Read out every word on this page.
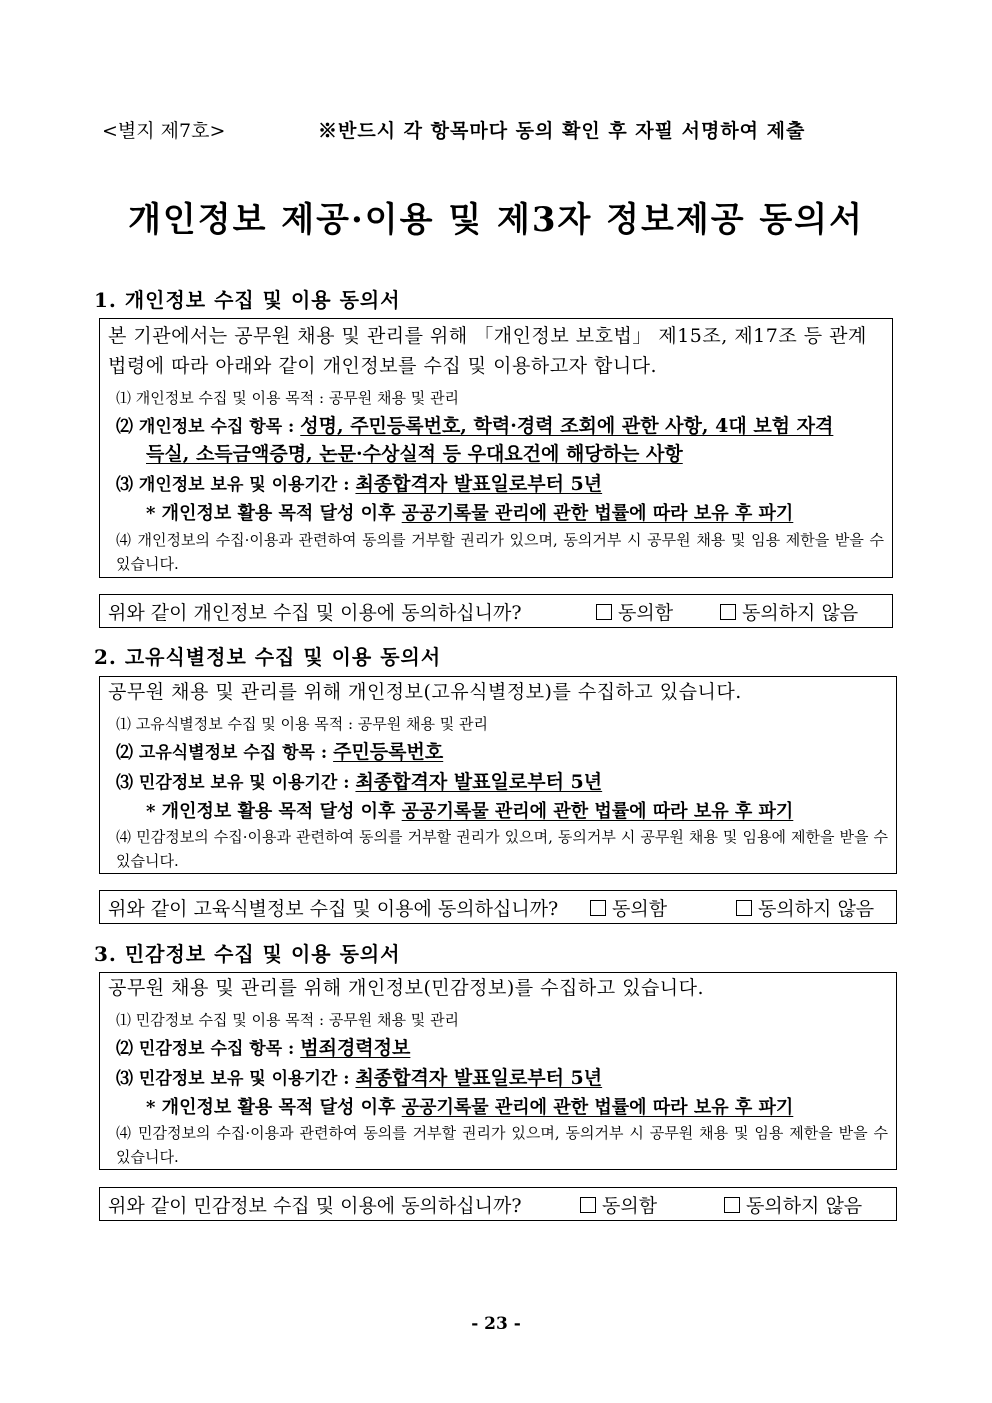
<별지 제7호>	※반드시 각 항목마다 동의 확인 후 자필 서명하여 제출
개인정보 제공·이용 및 제3자 정보제공 동의서
1. 개인정보 수집 및 이용 동의서
본 기관에서는 공무원 채용 및 관리를 위해 「개인정보 보호법」 제15조, 제17조 등 관계 법령에 따라 아래와 같이 개인정보를 수집 및 이용하고자 합니다.
⑴ 개인정보 수집 및 이용 목적 : 공무원 채용 및 관리
⑵ 개인정보 수집 항목 : 성명, 주민등록번호, 학력·경력 조회에 관한 사항, 4대 보험 자격
득실, 소득금액증명, 논문·수상실적 등 우대요건에 해당하는 사항
⑶ 개인정보 보유 및 이용기간 : 최종합격자 발표일로부터 5년
* 개인정보 활용 목적 달성 이후 공공기록물 관리에 관한 법률에 따라 보유 후 파기
⑷ 개인정보의 수집·이용과 관련하여 동의를 거부할 권리가 있으며, 동의거부 시 공무원 채용 및 임용 제한을 받을 수 있습니다.
위와 같이 개인정보 수집 및 이용에 동의하십니까?	동의함	동의하지 않음
2. 고유식별정보 수집 및 이용 동의서
공무원 채용 및 관리를 위해 개인정보(고유식별정보)를 수집하고 있습니다.
⑴ 고유식별정보 수집 및 이용 목적 : 공무원 채용 및 관리
⑵ 고유식별정보 수집 항목 : 주민등록번호
⑶ 민감정보 보유 및 이용기간 : 최종합격자 발표일로부터 5년
* 개인정보 활용 목적 달성 이후 공공기록물 관리에 관한 법률에 따라 보유 후 파기
⑷ 민감정보의 수집·이용과 관련하여 동의를 거부할 권리가 있으며, 동의거부 시 공무원 채용 및 임용에 제한을 받을 수 있습니다.
위와 같이 고육식별정보 수집 및 이용에 동의하십니까?	동의함	동의하지 않음
3. 민감정보 수집 및 이용 동의서
공무원 채용 및 관리를 위해 개인정보(민감정보)를 수집하고 있습니다.
⑴ 민감정보 수집 및 이용 목적 : 공무원 채용 및 관리
⑵ 민감정보 수집 항목 : 범죄경력정보
⑶ 민감정보 보유 및 이용기간 : 최종합격자 발표일로부터 5년
* 개인정보 활용 목적 달성 이후 공공기록물 관리에 관한 법률에 따라 보유 후 파기
⑷ 민감정보의 수집·이용과 관련하여 동의를 거부할 권리가 있으며, 동의거부 시 공무원 채용 및 임용 제한을 받을 수 있습니다.
위와 같이 민감정보 수집 및 이용에 동의하십니까?	동의함	동의하지 않음
- 23 -
